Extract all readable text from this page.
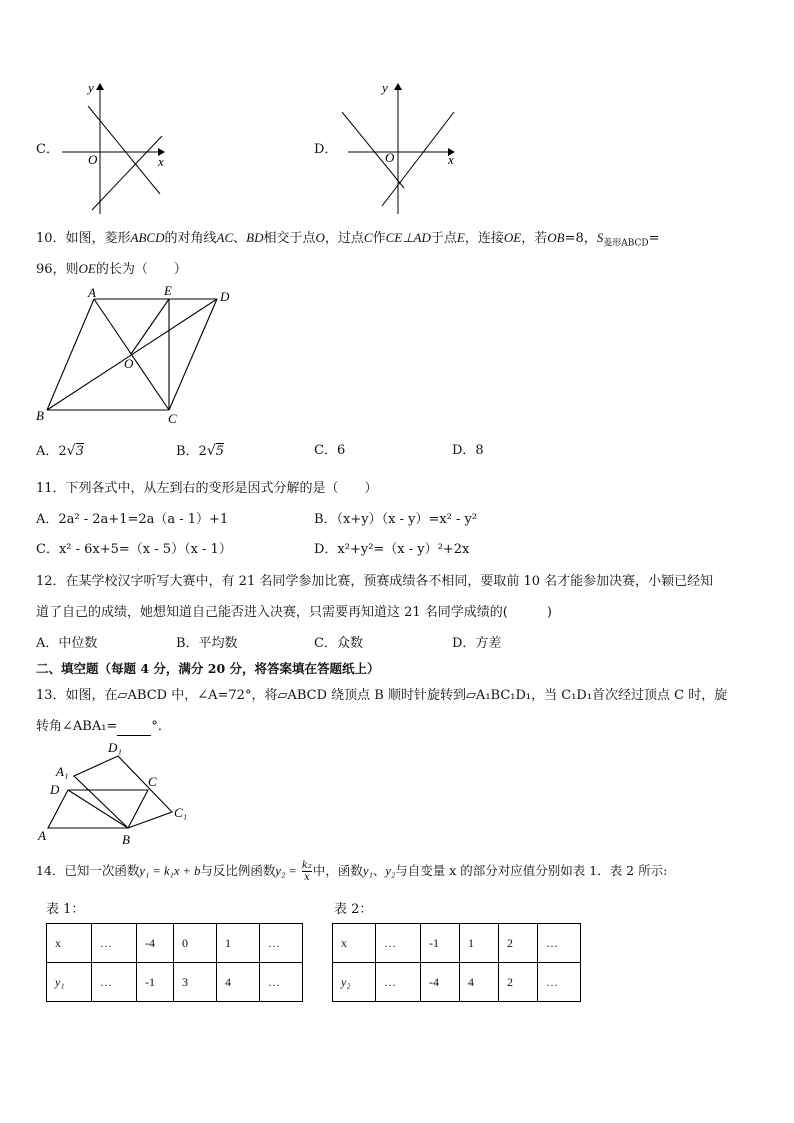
C．
y
x
O
D．
y
x
O
10．如图，菱形ABCD的对角线AC、BD相交于点O，过点C作CE⊥AD于点E，连接OE，若OB=8，$S_{菱形ABCD}=$
96，则OE的长为（　　）
A	E	D
O
B	C
A．2√3	B．2√5	C．6	D．8
11．下列各式中，从左到右的变形是因式分解的是（　　）
A．2a² - 2a+1=2a（a - 1）+1	B．（x+y）（x - y）=x² - y²
C．x² - 6x+5=（x - 5）（x - 1）	D．x²+y²=（x - y）²+2x
12．在某学校汉字听写大赛中，有 21 名同学参加比赛，预赛成绩各不相同，要取前 10 名才能参加决赛，小颖已经知
道了自己的成绩，她想知道自己能否进入决赛，只需要再知道这 21 名同学成绩的(　　　)
A．中位数	B．平均数	C．众数	D．方差
二、填空题（每题 4 分，满分 20 分，将答案填在答题纸上）
13．如图，在▱ABCD 中，∠A=72°，将▱ABCD 绕顶点 B 顺时针旋转到▱A₁BC₁D₁，当 C₁D₁首次经过顶点 C 时，旋
转角∠ABA₁=	°．
D₁
A₁
C
D
C₁
A	B
14．已知一次函数y₁ = k₁x + b与反比例函数$y_2 = \frac{\text{k₂}}{x}$ 中，函数y₁、y₂与自变量 x 的部分对应值分别如表 1．表 2 所示:
表 1：
x	…	-4	0	1	…
y₁	…	-1	3	4	…
表 2：
x	…	-1	1	2	…
y₂	…	-4	4	2	…
